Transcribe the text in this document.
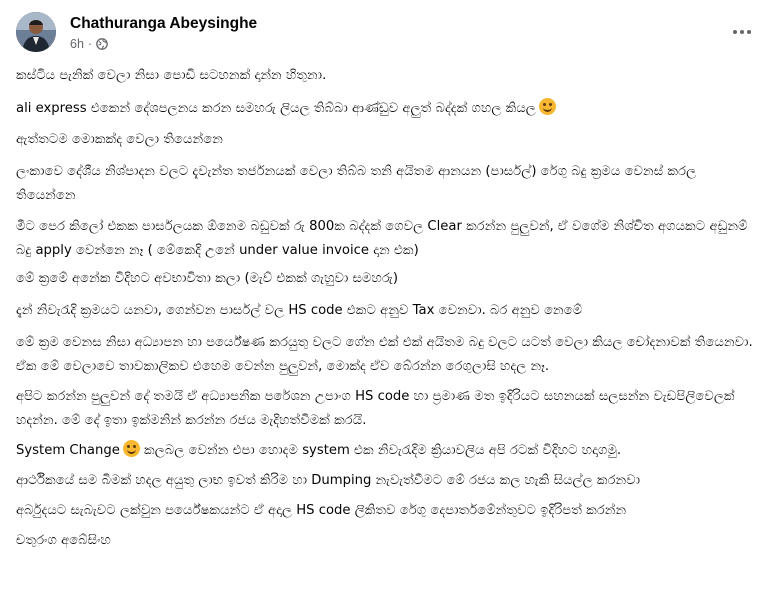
Chathuranga Abeysinghe
6h ·

කස්ටිය පැනික් වෙලා නිසා පොඩි සටහනක් දාන්න හිතුනා.

ali express එකෙන් දේශපලනය කරන සමහරු ලියල තිබ්බා ආණ්ඩුව අලුත් බද්දක් ගහල කියල

ඇත්තටම මොකක්ද වෙලා තියෙන්නෙ

ලංකාවෙ දේශීය නිශ්පාදන වලට දැවැන්ත තර්ජනයක් වෙලා තිබ්බ තනි අයිතම ආනයන (පාර්සල්) රේගු බදු ක්‍රමය වෙනස් කරල තියෙන්නෙ

මීට පෙර කිලෝ එකක පාර්සලයක ඕනෙම බඩුවක් රු 800ක බද්දක් ගෙවල Clear කරන්න පුලුවන්, ඒ වගේම නිශ්චිත අගයකට අඩුනම් බදු apply වෙන්නෙ නෑ ( මේකෙදි උනේ under value invoice දාන එක)

මේ ක්‍රමේ අනේක විදිහට අවභාවිතා කලා (මැව් එකක් ගැහුවා සමහරු)

දැන් නිවැරැදි ක්‍රමයට යනවා, ගෙන්වන පාර්සල් වල HS code එකට අනුව Tax වෙනවා. බර අනුව නෙමේ

මේ ක්‍රම වෙනස නිසා අධ්‍යාපන හා පර්යේෂණ කරයුතු වලට ගේන එක් එක් අයිතම බදු වලට යටත් වෙලා කියල චෝදනාවක් තියෙනවා. ඒක මේ වෙලාවෙ තාවකාලිකව එහෙම වෙන්න පුලුවන්, මොක්ද ඒව බේරන්න රෙගුලාසි හදල නෑ.

අපිට කරන්න පුලුවන් දේ තමයි ඒ අධ්‍යාපනික පරේශන උපාංග HS code හා ප්‍රමාණ මත ඉදිරියට සහනයක් සලසන්න වැඩපිලිවෙලක් හදන්න. මේ දේ ඉතා ඉක්මනින් කරන්න රජය මැදිහත්වීමක් කරයි.

System Change කලබල වෙන්න එපා හොදම system එක නිවැරැදිම ක්‍රියාවලිය අපි රටක් විදිහට හදාගමු.

ආර්ථිකයේ සම බිමක් හදල අයුතු ලාභ ඉවත් කිරිම හා Dumping නැවැත්වීමට මේ රජය කල හැකි සියල්ල කරනවා

අර්බුදයට සැබැවට ලක්වුන පර්යේෂකයන්ට ඒ අදාල HS code ලිකිතව රේගු දෙපාර්තමේන්තුවට ඉදිරිපත් කරන්න

චතුරංග අබේසිංහ
